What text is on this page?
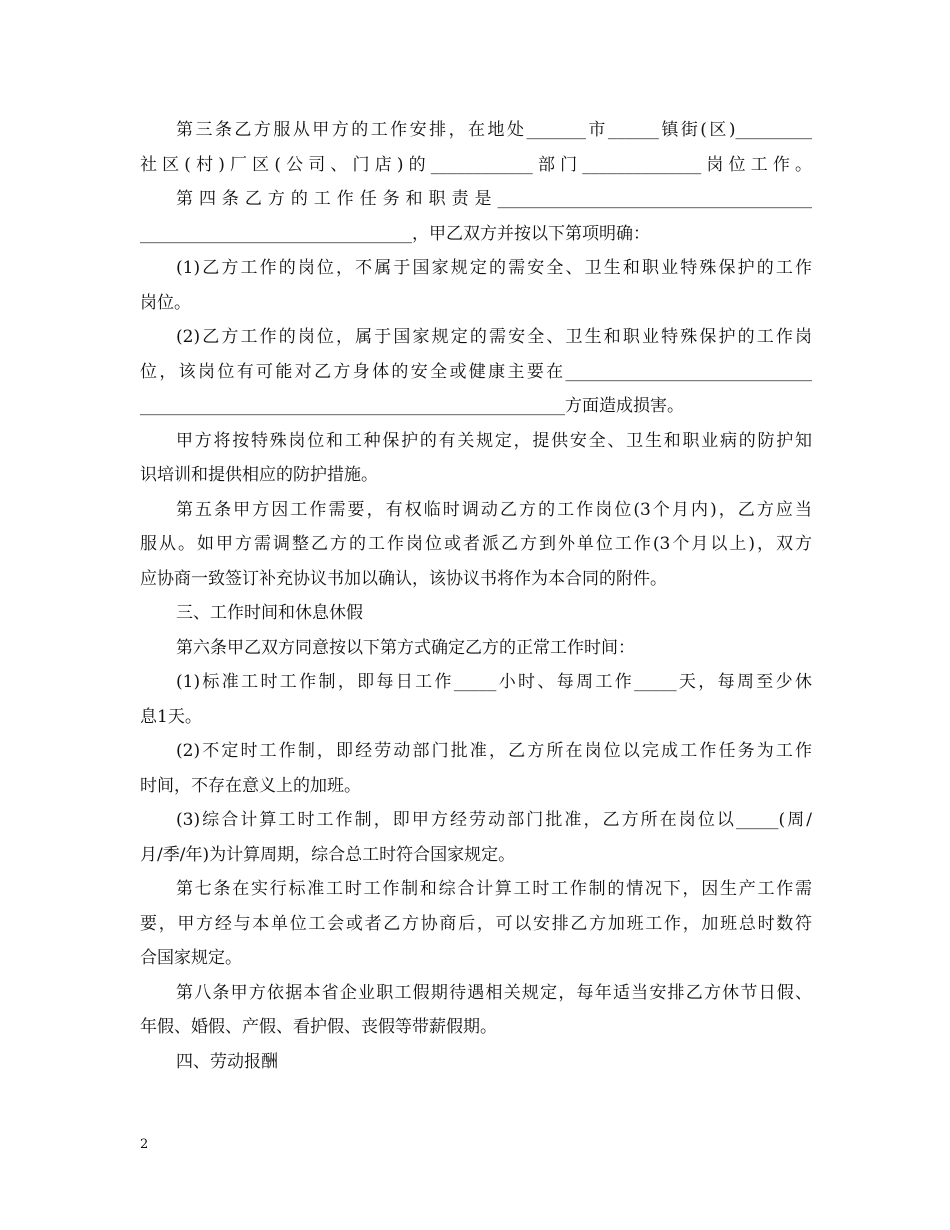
第三条乙方服从甲方的工作安排，在地处_______市______镇街(区)_________
社区(村)厂区(公司、门店)的____________部门______________岗位工作。
第四条乙方的工作任务和职责是_____________________________________
________________________________，甲乙双方并按以下第项明确：
(1)乙方工作的岗位，不属于国家规定的需安全、卫生和职业特殊保护的工作
岗位。
(2)乙方工作的岗位，属于国家规定的需安全、卫生和职业特殊保护的工作岗
位，该岗位有可能对乙方身体的安全或健康主要在_____________________________
__________________________________________________方面造成损害。
甲方将按特殊岗位和工种保护的有关规定，提供安全、卫生和职业病的防护知
识培训和提供相应的防护措施。
第五条甲方因工作需要，有权临时调动乙方的工作岗位(3个月内)，乙方应当
服从。如甲方需调整乙方的工作岗位或者派乙方到外单位工作(3个月以上)，双方
应协商一致签订补充协议书加以确认，该协议书将作为本合同的附件。
三、工作时间和休息休假
第六条甲乙双方同意按以下第方式确定乙方的正常工作时间：
(1)标准工时工作制，即每日工作_____小时、每周工作_____天，每周至少休
息1天。
(2)不定时工作制，即经劳动部门批准，乙方所在岗位以完成工作任务为工作
时间，不存在意义上的加班。
(3)综合计算工时工作制，即甲方经劳动部门批准，乙方所在岗位以_____(周/
月/季/年)为计算周期，综合总工时符合国家规定。
第七条在实行标准工时工作制和综合计算工时工作制的情况下，因生产工作需
要，甲方经与本单位工会或者乙方协商后，可以安排乙方加班工作，加班总时数符
合国家规定。
第八条甲方依据本省企业职工假期待遇相关规定，每年适当安排乙方休节日假、
年假、婚假、产假、看护假、丧假等带薪假期。
四、劳动报酬
2
